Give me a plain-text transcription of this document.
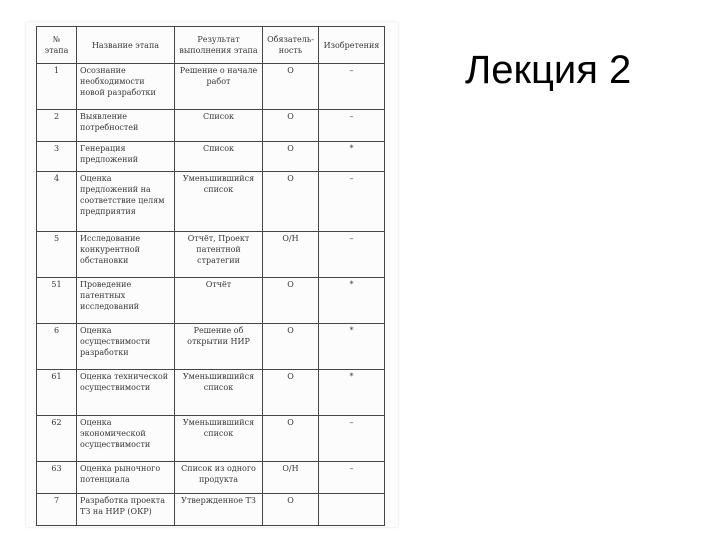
№ этапа	Название этапа	Результат выполнения этапа	Обязатель-ность	Изобретения
1	Осознание необходимости новой разработки	Решение о начале работ	О	–
2	Выявление потребностей	Список	О	–
3	Генерация предложений	Список	О	*
4	Оценка предложений на соответствие целям предприятия	Уменьшившийся список	О	–
5	Исследование конкурентной обстановки	Отчёт, Проект патентной стратегии	О/Н	–
51	Проведение патентных исследований	Отчёт	О	*
6	Оценка осуществимости разработки	Решение об открытии НИР	О	*
61	Оценка технической осуществимости	Уменьшившийся список	О	*
62	Оценка экономической осуществимости	Уменьшившийся список	О	–
63	Оценка рыночного потенциала	Список из одного продукта	О/Н	–
7	Разработка проекта ТЗ на НИР (ОКР)	Утвержденное ТЗ	О	
Лекция 2
